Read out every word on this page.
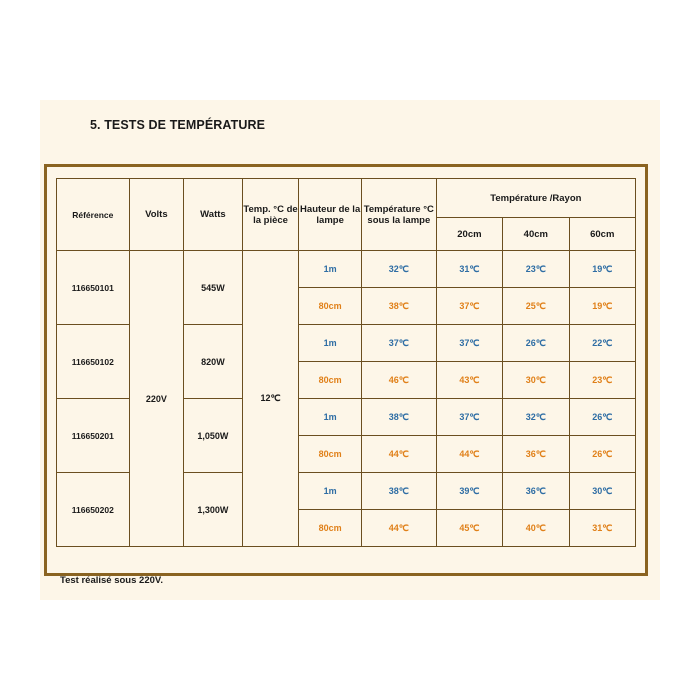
5. TESTS DE TEMPÉRATURE
Référence	Volts	Watts	Temp. °C de la pièce	Hauteur de la lampe	Température °C sous la lampe	Température /Rayon		
						20cm	40cm	60cm
116650101	220V	545W	12℃	1m	32℃	31℃	23℃	19℃
				80cm	38℃	37℃	25℃	19℃
116650102		820W		1m	37℃	37℃	26℃	22℃
				80cm	46℃	43℃	30℃	23℃
116650201		1,050W		1m	38℃	37℃	32℃	26℃
				80cm	44℃	44℃	36℃	26℃
116650202		1,300W		1m	38℃	39℃	36℃	30℃
				80cm	44℃	45℃	40℃	31℃
Test réalisé sous 220V.
